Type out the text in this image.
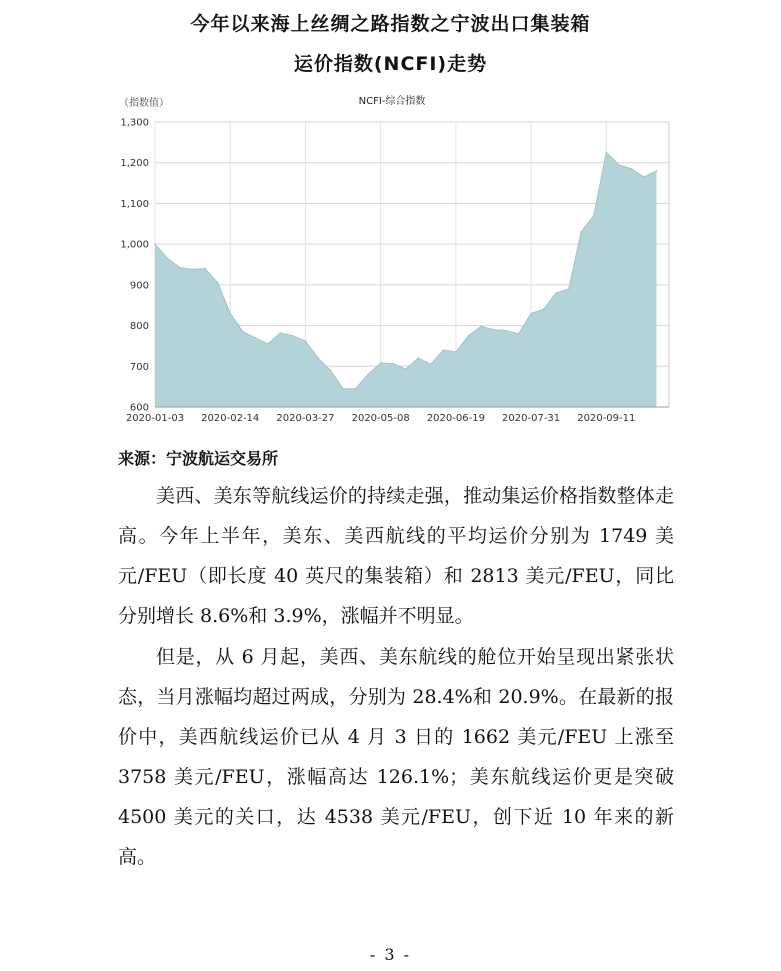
今年以来海上丝绸之路指数之宁波出口集装箱
运价指数(NCFI)走势
（指数值）	NCFI-综合指数
600
700
800
900
1,000
1,100
1,200
1,300
2020-01-03 2020-02-14 2020-03-27 2020-05-08 2020-06-19 2020-07-31 2020-09-11
来源：宁波航运交易所

美西、美东等航线运价的持续走强，推动集运价格指数整体走高。今年上半年，美东、美西航线的平均运价分别为 1749 美元/FEU（即长度 40 英尺的集装箱）和 2813 美元/FEU，同比分别增长 8.6%和 3.9%，涨幅并不明显。

但是，从 6 月起，美西、美东航线的舱位开始呈现出紧张状态，当月涨幅均超过两成，分别为 28.4%和 20.9%。在最新的报价中，美西航线运价已从 4 月 3 日的 1662 美元/FEU 上涨至 3758 美元/FEU，涨幅高达 126.1%；美东航线运价更是突破 4500 美元的关口，达 4538 美元/FEU，创下近 10 年来的新高。

- 3 -
